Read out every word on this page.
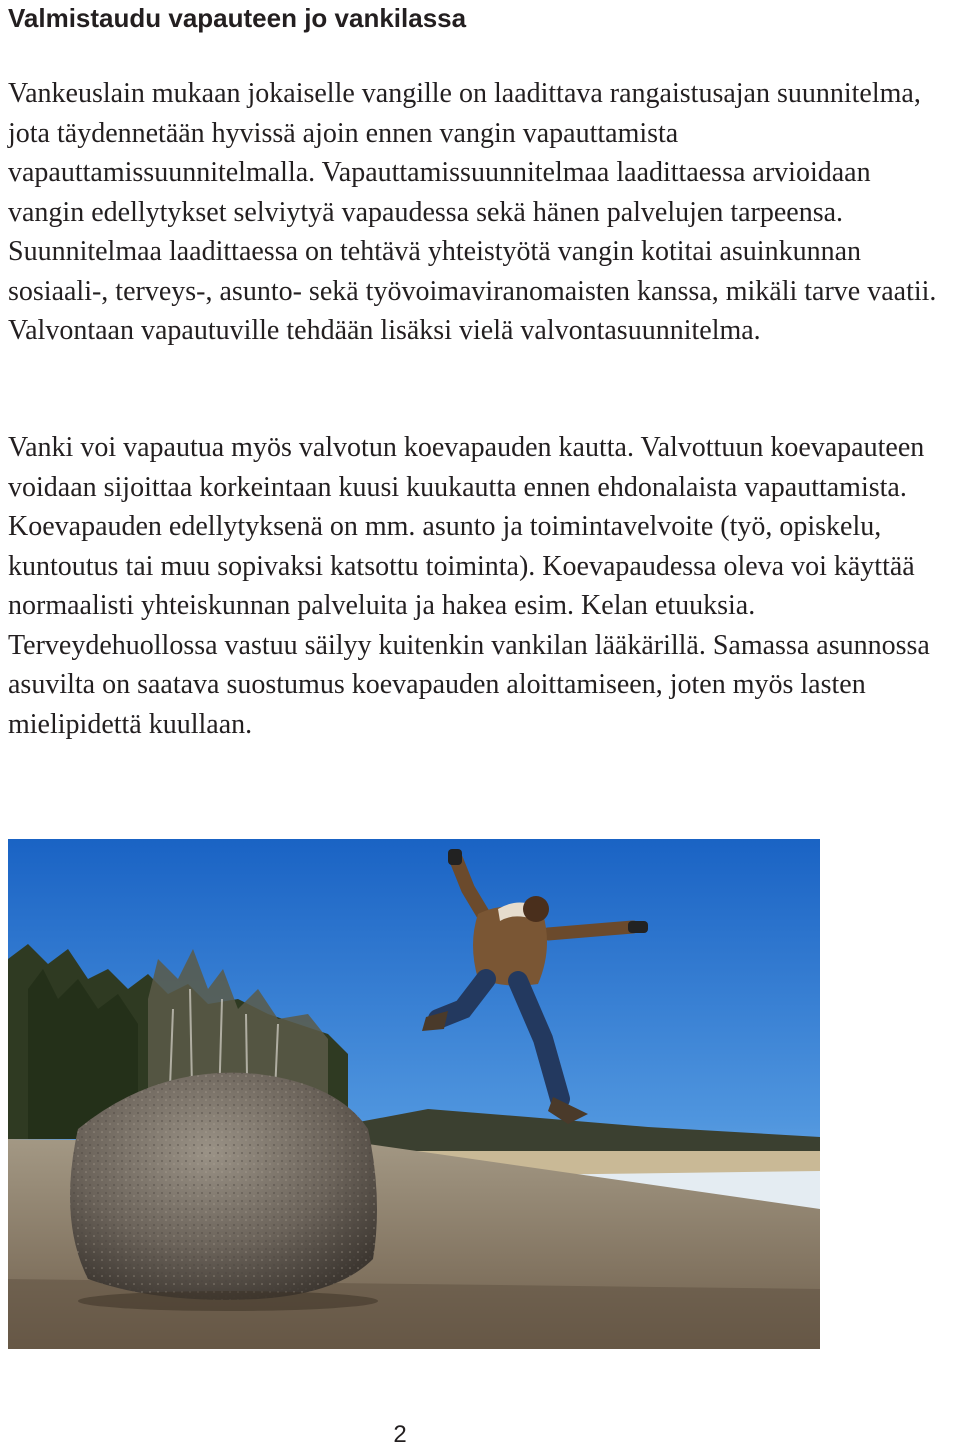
Valmistaudu vapauteen jo vankilassa

Vankeuslain mukaan jokaiselle vangille on laadittava rangaistusajan suunnitelma, jota täydennetään hyvissä ajoin ennen vangin vapauttamista vapauttamissuunnitelmalla. Vapauttamissuunnitelmaa laadittaessa arvioidaan vangin edellytykset selviytyä vapaudessa sekä hänen palvelujen tarpeensa. Suunnitelmaa laadittaessa on tehtävä yhteistyötä vangin kotitai asuinkunnan sosiaali-, terveys-, asunto- sekä työvoimaviranomaisten kanssa, mikäli tarve vaatii. Valvontaan vapautuville tehdään lisäksi vielä valvontasuunnitelma.

Vanki voi vapautua myös valvotun koevapauden kautta. Valvottuun koevapauteen voidaan sijoittaa korkeintaan kuusi kuukautta ennen ehdonalaista vapauttamista. Koevapauden edellytyksenä on mm. asunto ja toimintavelvoite (työ, opiskelu, kuntoutus tai muu sopivaksi katsottu toiminta). Koevapaudessa oleva voi käyttää normaalisti yhteiskunnan palveluita ja hakea esim. Kelan etuuksia. Terveydehuollossa vastuu säilyy kuitenkin vankilan lääkärillä. Samassa asunnossa asuvilta on saatava suostumus koevapauden aloittamiseen, joten myös lasten mielipidettä kuullaan.

2
